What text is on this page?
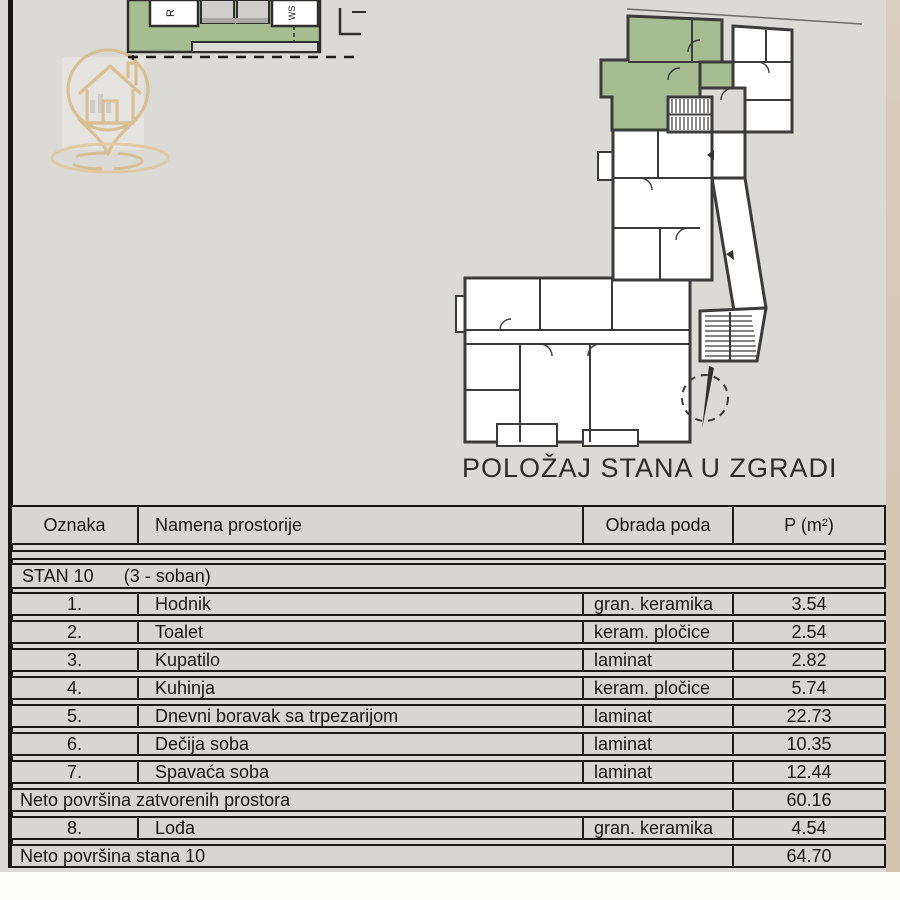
R	WS
POLOŽAJ STANA U ZGRADI
Oznaka	Namena prostorije	Obrada poda	P (m²)
STAN 10 (3 - soban)
1.	Hodnik	gran. keramika	3.54
2.	Toalet	keram. pločice	2.54
3.	Kupatilo	laminat	2.82
4.	Kuhinja	keram. pločice	5.74
5.	Dnevni boravak sa trpezarijom	laminat	22.73
6.	Dečija soba	laminat	10.35
7.	Spavaća soba	laminat	12.44
Neto površina zatvorenih prostora	60.16
8.	Lođa	gran. keramika	4.54
Neto površina stana 10	64.70
